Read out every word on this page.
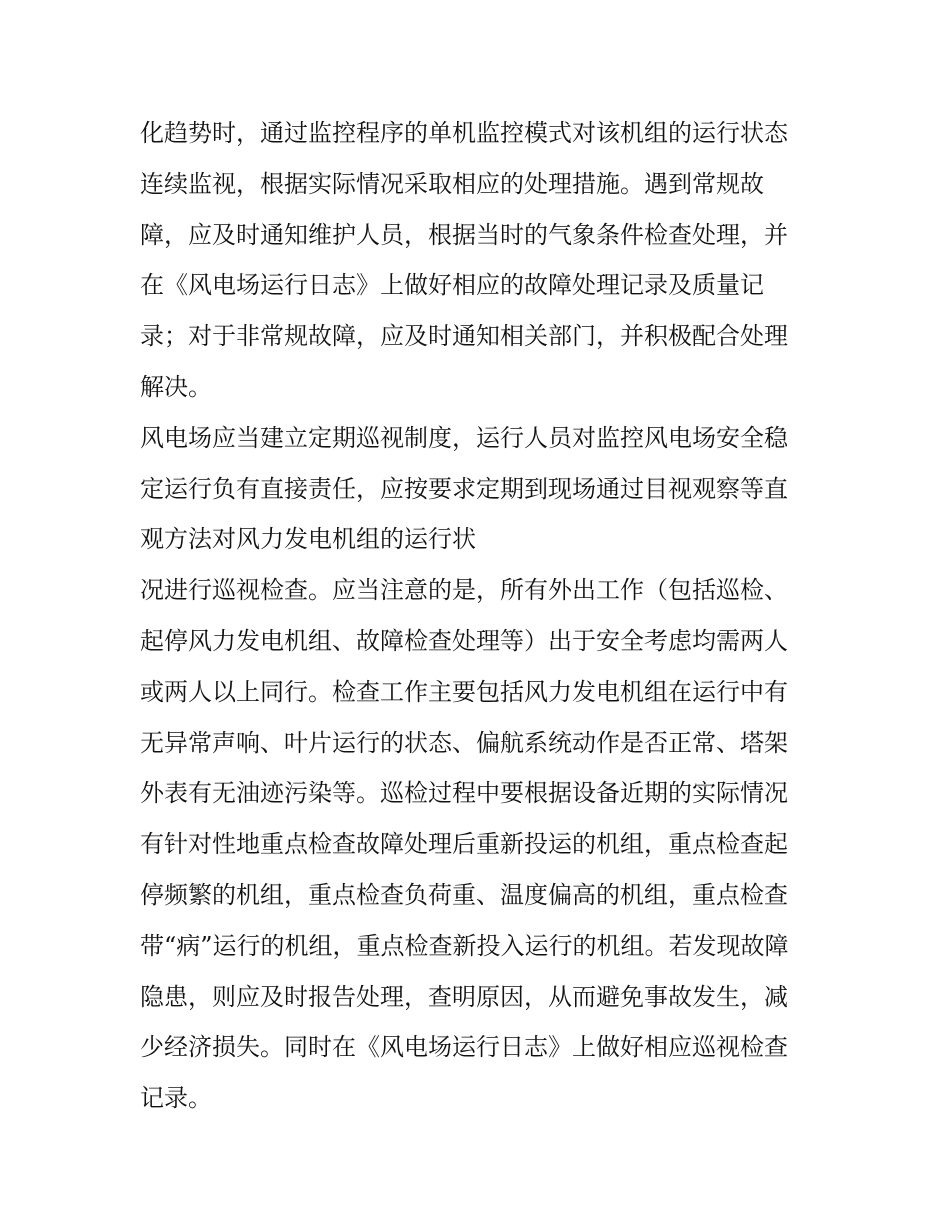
化趋势时，通过监控程序的单机监控模式对该机组的运行状态
连续监视，根据实际情况采取相应的处理措施。遇到常规故
障，应及时通知维护人员，根据当时的气象条件检查处理，并
在《风电场运行日志》上做好相应的故障处理记录及质量记
录；对于非常规故障，应及时通知相关部门，并积极配合处理
解决。
风电场应当建立定期巡视制度，运行人员对监控风电场安全稳
定运行负有直接责任，应按要求定期到现场通过目视观察等直
观方法对风力发电机组的运行状
况进行巡视检查。应当注意的是，所有外出工作（包括巡检、
起停风力发电机组、故障检查处理等）出于安全考虑均需两人
或两人以上同行。检查工作主要包括风力发电机组在运行中有
无异常声响、叶片运行的状态、偏航系统动作是否正常、塔架
外表有无油迹污染等。巡检过程中要根据设备近期的实际情况
有针对性地重点检查故障处理后重新投运的机组，重点检查起
停频繁的机组，重点检查负荷重、温度偏高的机组，重点检查
带“病”运行的机组，重点检查新投入运行的机组。若发现故障
隐患，则应及时报告处理，查明原因，从而避免事故发生，减
少经济损失。同时在《风电场运行日志》上做好相应巡视检查
记录。
